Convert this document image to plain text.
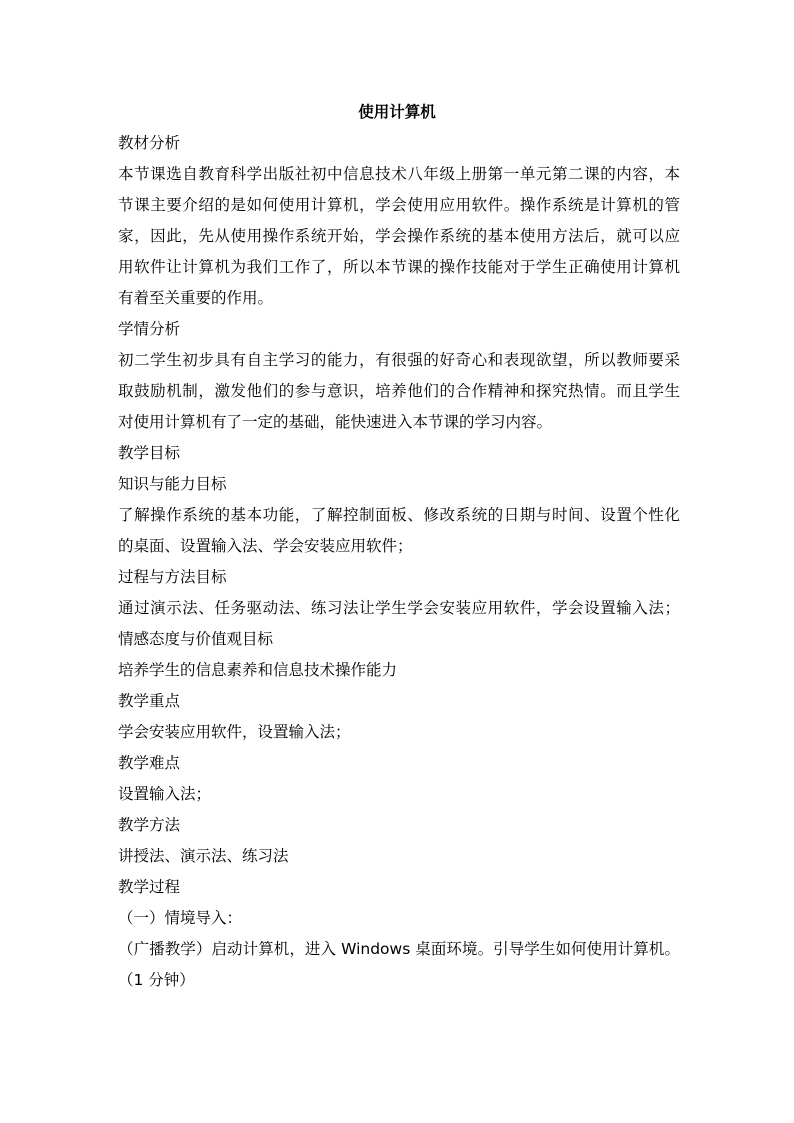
使用计算机
教材分析
本节课选自教育科学出版社初中信息技术八年级上册第一单元第二课的内容，本
节课主要介绍的是如何使用计算机，学会使用应用软件。操作系统是计算机的管
家，因此，先从使用操作系统开始，学会操作系统的基本使用方法后，就可以应
用软件让计算机为我们工作了，所以本节课的操作技能对于学生正确使用计算机
有着至关重要的作用。
学情分析
初二学生初步具有自主学习的能力，有很强的好奇心和表现欲望，所以教师要采
取鼓励机制，激发他们的参与意识，培养他们的合作精神和探究热情。而且学生
对使用计算机有了一定的基础，能快速进入本节课的学习内容。
教学目标
知识与能力目标
了解操作系统的基本功能，了解控制面板、修改系统的日期与时间、设置个性化
的桌面、设置输入法、学会安装应用软件；
过程与方法目标
通过演示法、任务驱动法、练习法让学生学会安装应用软件，学会设置输入法；
情感态度与价值观目标
培养学生的信息素养和信息技术操作能力
教学重点
学会安装应用软件，设置输入法；
教学难点
设置输入法；
教学方法
讲授法、演示法、练习法
教学过程
（一）情境导入：
（广播教学）启动计算机，进入 Windows 桌面环境。引导学生如何使用计算机。
（1 分钟）
